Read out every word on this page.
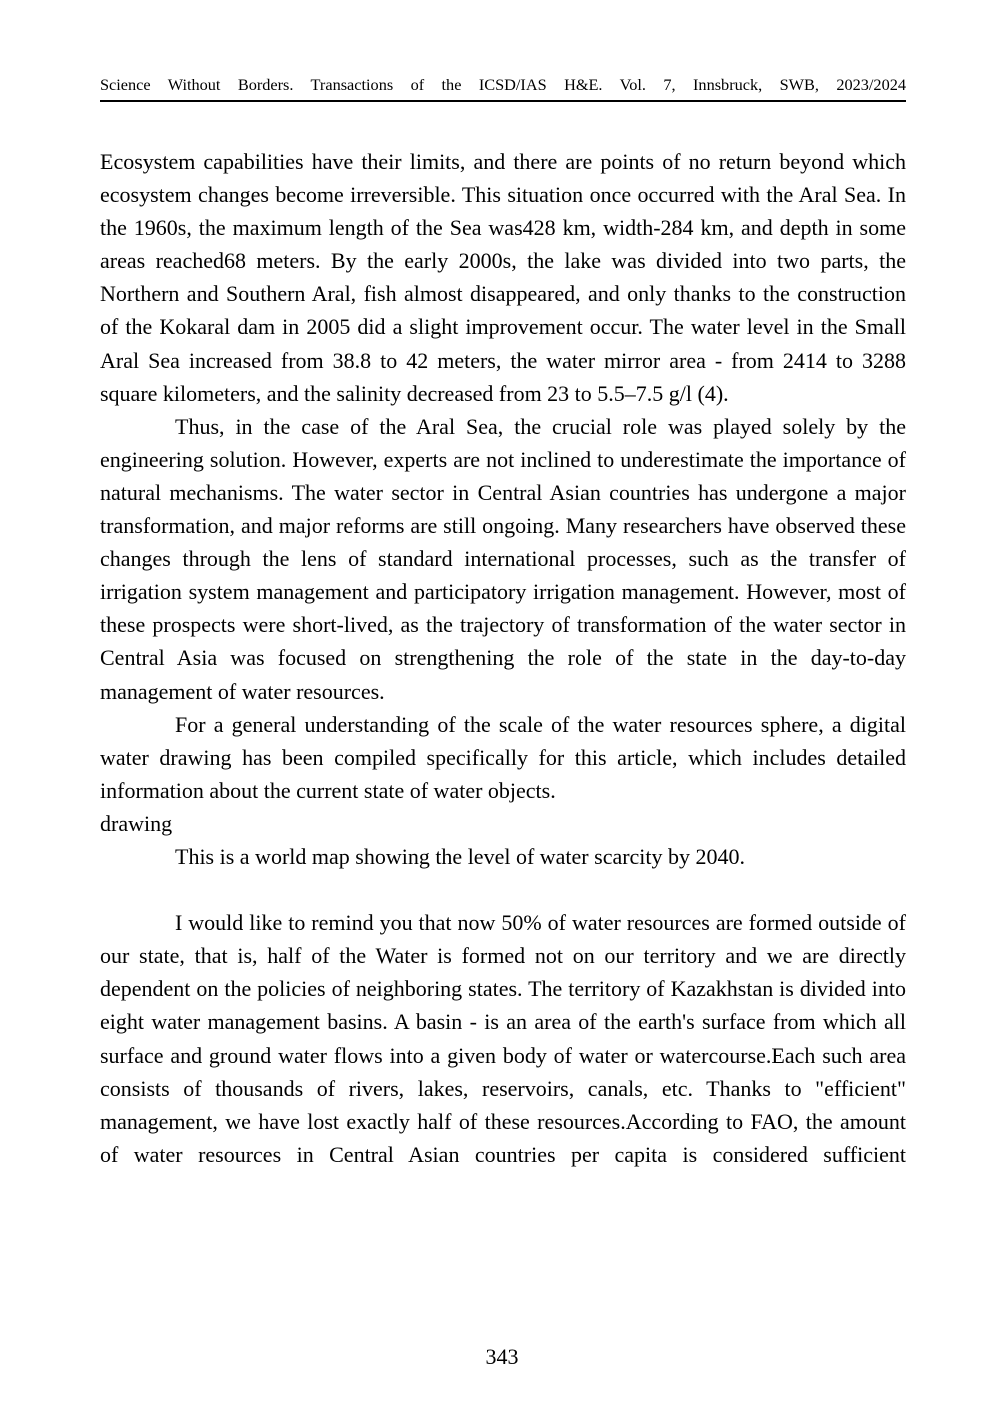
Science Without Borders. Transactions of the ICSD/IAS H&E. Vol. 7, Innsbruck, SWB, 2023/2024

Ecosystem capabilities have their limits, and there are points of no return beyond which ecosystem changes become irreversible. This situation once occurred with the Aral Sea. In the 1960s, the maximum length of the Sea was428 km, width-284 km, and depth in some areas reached68 meters. By the early 2000s, the lake was divided into two parts, the Northern and Southern Aral, fish almost disappeared, and only thanks to the construction of the Kokaral dam in 2005 did a slight improvement occur. The water level in the Small Aral Sea increased from 38.8 to 42 meters, the water mirror area - from 2414 to 3288 square kilometers, and the salinity decreased from 23 to 5.5–7.5 g/l (4).

Thus, in the case of the Aral Sea, the crucial role was played solely by the engineering solution. However, experts are not inclined to underestimate the importance of natural mechanisms. The water sector in Central Asian countries has undergone a major transformation, and major reforms are still ongoing. Many researchers have observed these changes through the lens of standard international processes, such as the transfer of irrigation system management and participatory irrigation management. However, most of these prospects were short-lived, as the trajectory of transformation of the water sector in Central Asia was focused on strengthening the role of the state in the day-to-day management of water resources.

For a general understanding of the scale of the water resources sphere, a digital water drawing has been compiled specifically for this article, which includes detailed information about the current state of water objects.

drawing

This is a world map showing the level of water scarcity by 2040.

I would like to remind you that now 50% of water resources are formed outside of our state, that is, half of the Water is formed not on our territory and we are directly dependent on the policies of neighboring states. The territory of Kazakhstan is divided into eight water management basins. A basin - is an area of the earth's surface from which all surface and ground water flows into a given body of water or watercourse.Each such area consists of thousands of rivers, lakes, reservoirs, canals, etc. Thanks to "efficient" management, we have lost exactly half of these resources.According to FAO, the amount of water resources in Central Asian countries per capita is considered sufficient

343
